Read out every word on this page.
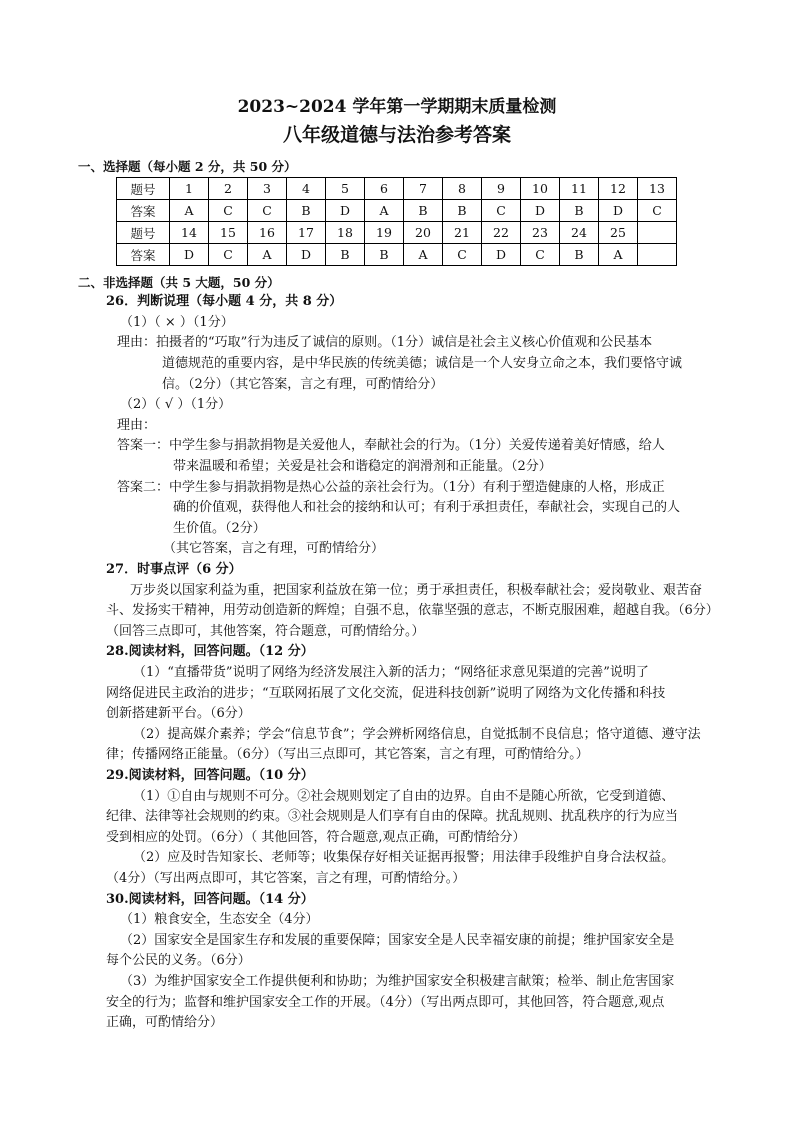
2023~2024 学年第一学期期末质量检测
八年级道德与法治参考答案
一、选择题（每小题 2 分，共 50 分）
题号	1	2	3	4	5	6	7	8	9	10	11	12	13
答案	A	C	C	B	D	A	B	B	C	D	B	D	C
题号	14	15	16	17	18	19	20	21	22	23	24	25	
答案	D	C	A	D	B	B	A	C	D	C	B	A	
二、非选择题（共 5 大题，50 分）
26．判断说理（每小题 4 分，共 8 分）
（1）（ × ）（1分）
理由：拍摄者的“巧取”行为违反了诚信的原则。（1分）诚信是社会主义核心价值观和公民基本
道德规范的重要内容，是中华民族的传统美德；诚信是一个人安身立命之本，我们要恪守诚
信。（2分）（其它答案，言之有理，可酌情给分）
（2）（ √ ）（1分）
理由：
答案一：中学生参与捐款捐物是关爱他人，奉献社会的行为。（1分）关爱传递着美好情感，给人
带来温暖和希望；关爱是社会和谐稳定的润滑剂和正能量。（2分）
答案二：中学生参与捐款捐物是热心公益的亲社会行为。（1分）有利于塑造健康的人格，形成正
确的价值观，获得他人和社会的接纳和认可；有利于承担责任，奉献社会，实现自己的人
生价值。（2分）
（其它答案，言之有理，可酌情给分）
27．时事点评（6 分）
万步炎以国家利益为重，把国家利益放在第一位；勇于承担责任，积极奉献社会；爱岗敬业、艰苦奋
斗、发扬实干精神，用劳动创造新的辉煌；自强不息，依靠坚强的意志，不断克服困难，超越自我。（6分）
（回答三点即可，其他答案，符合题意，可酌情给分。）
28.阅读材料，回答问题。（12 分）
（1）“直播带货”说明了网络为经济发展注入新的活力；“网络征求意见渠道的完善”说明了
网络促进民主政治的进步；“互联网拓展了文化交流，促进科技创新”说明了网络为文化传播和科技
创新搭建新平台。（6分）
（2）提高媒介素养；学会“信息节食”；学会辨析网络信息，自觉抵制不良信息；恪守道德、遵守法
律；传播网络正能量。（6分）（写出三点即可，其它答案，言之有理，可酌情给分。）
29.阅读材料，回答问题。（10 分）
（1）①自由与规则不可分。②社会规则划定了自由的边界。自由不是随心所欲，它受到道德、
纪律、法律等社会规则的约束。③社会规则是人们享有自由的保障。扰乱规则、扰乱秩序的行为应当
受到相应的处罚。（6分）（ 其他回答，符合题意,观点正确，可酌情给分）
（2）应及时告知家长、老师等；收集保存好相关证据再报警；用法律手段维护自身合法权益。
（4分）（写出两点即可，其它答案，言之有理，可酌情给分。）
30.阅读材料，回答问题。（14 分）
（1）粮食安全，生态安全（4分）
（2）国家安全是国家生存和发展的重要保障；国家安全是人民幸福安康的前提；维护国家安全是
每个公民的义务。（6分）
（3）为维护国家安全工作提供便利和协助；为维护国家安全积极建言献策；检举、制止危害国家
安全的行为；监督和维护国家安全工作的开展。（4分）（写出两点即可，其他回答，符合题意,观点
正确，可酌情给分）
